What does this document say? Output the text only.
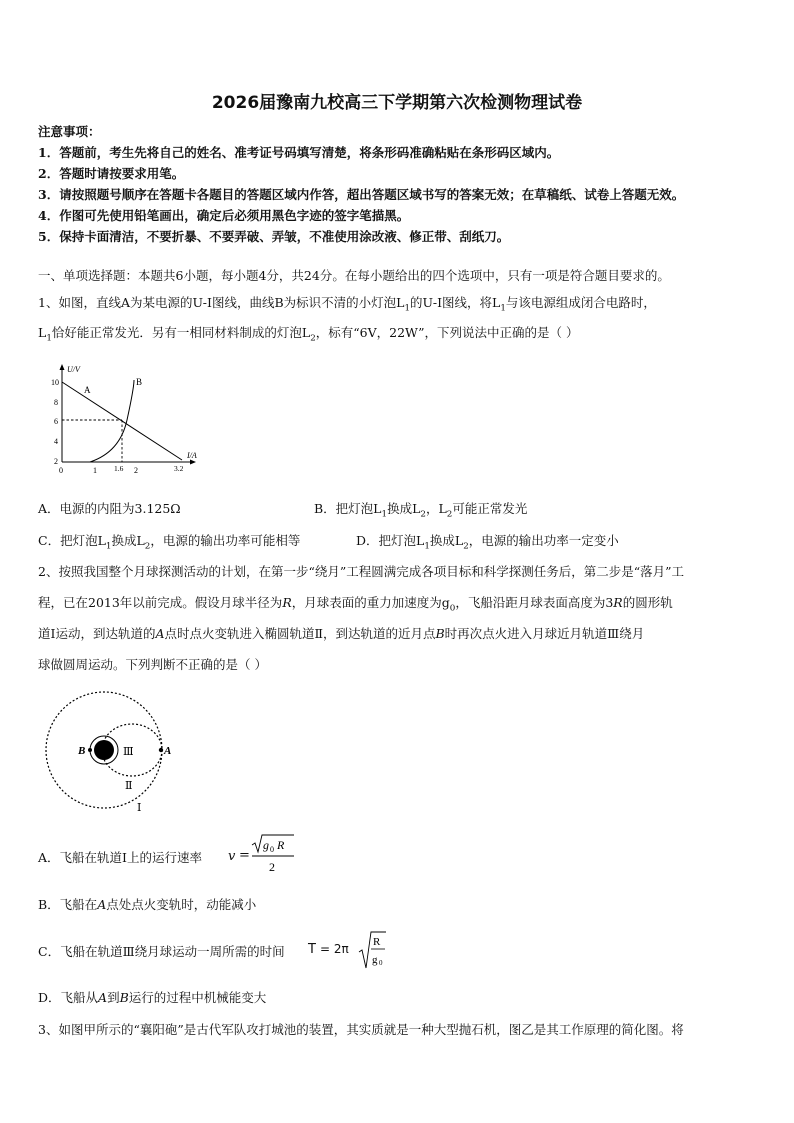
2026届豫南九校高三下学期第六次检测物理试卷
注意事项：
1．答题前，考生先将自己的姓名、准考证号码填写清楚，将条形码准确粘贴在条形码区域内。
2．答题时请按要求用笔。
3．请按照题号顺序在答题卡各题目的答题区域内作答，超出答题区域书写的答案无效；在草稿纸、试卷上答题无效。
4．作图可先使用铅笔画出，确定后必须用黑色字迹的签字笔描黑。
5．保持卡面清洁，不要折暴、不要弄破、弄皱，不准使用涂改液、修正带、刮纸刀。
一、单项选择题：本题共6小题，每小题4分，共24分。在每小题给出的四个选项中，只有一项是符合题目要求的。
1、如图，直线A为某电源的U-I图线，曲线B为标识不清的小灯泡$L_1$的U-I图线，将$L_1$与该电源组成闭合电路时，
$L_1$恰好能正常发光．另有一相同材料制成的灯泡$L_2$，标有“6V，22W”，下列说法中正确的是（ ）
U/V
I/A
10
8
6
4
2
0	1 1.6 2	3.2
A
B
A．电源的内阻为3.125Ω	B．把灯泡$L_1$换成$L_2$，$L_2$可能正常发光
C．把灯泡$L_1$换成$L_2$，电源的输出功率可能相等	D．把灯泡$L_1$换成$L_2$，电源的输出功率一定变小
2、按照我国整个月球探测活动的计划，在第一步“绕月”工程圆满完成各项目标和科学探测任务后，第二步是“落月”工
程，已在2013年以前完成。假设月球半径为R，月球表面的重力加速度为$g_0$，飞船沿距月球表面高度为3R的圆形轨
道Ⅰ运动，到达轨道的A点时点火变轨进入椭圆轨道Ⅱ，到达轨道的近月点B时再次点火进入月球近月轨道Ⅲ绕月
球做圆周运动。下列判断不正确的是（ ）
A
B	Ⅲ
Ⅱ
Ⅰ
A．飞船在轨道Ⅰ上的运行速率 v =
g 0 R
2
B．飞船在A点处点火变轨时，动能减小
C．飞船在轨道Ⅲ绕月球运动一周所需的时间 T = 2π R
g 0
D．飞船从A到B运行的过程中机械能变大
3、如图甲所示的“襄阳砲”是古代军队攻打城池的装置，其实质就是一种大型抛石机，图乙是其工作原理的简化图。将
